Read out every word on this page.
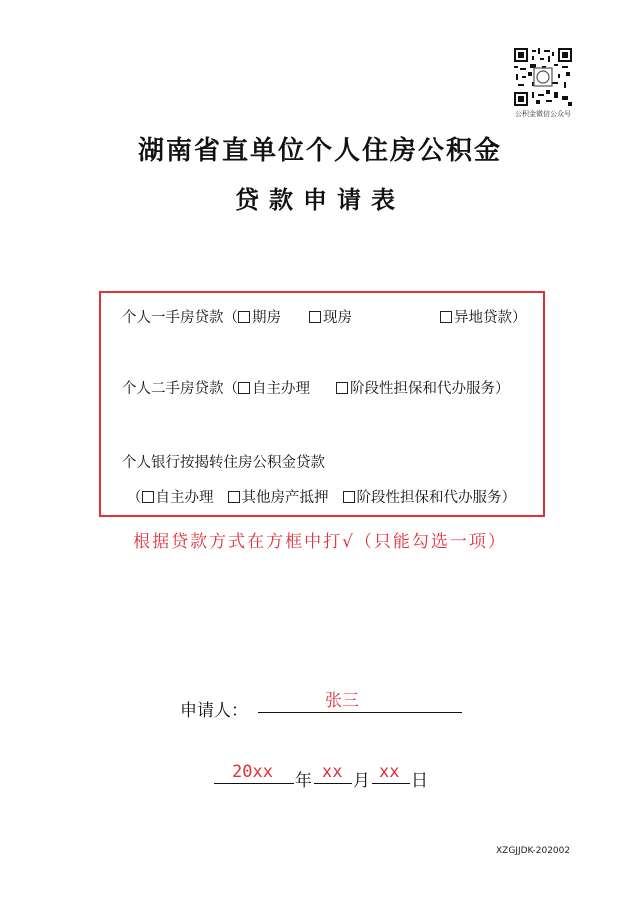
公积金微信公众号
湖南省直单位个人住房公积金
贷款申请表
个人一手房贷款（ 期房	现房	异地贷款）
个人二手房贷款（ 自主办理	阶段性担保和代办服务）
个人银行按揭转住房公积金贷款
（ 自主办理 其他房产抵押 阶段性担保和代办服务）
根据贷款方式在方框中打√（只能勾选一项）
申请人：	张三
20xx 年 xx 月 xx 日
XZGJJDK-202002
